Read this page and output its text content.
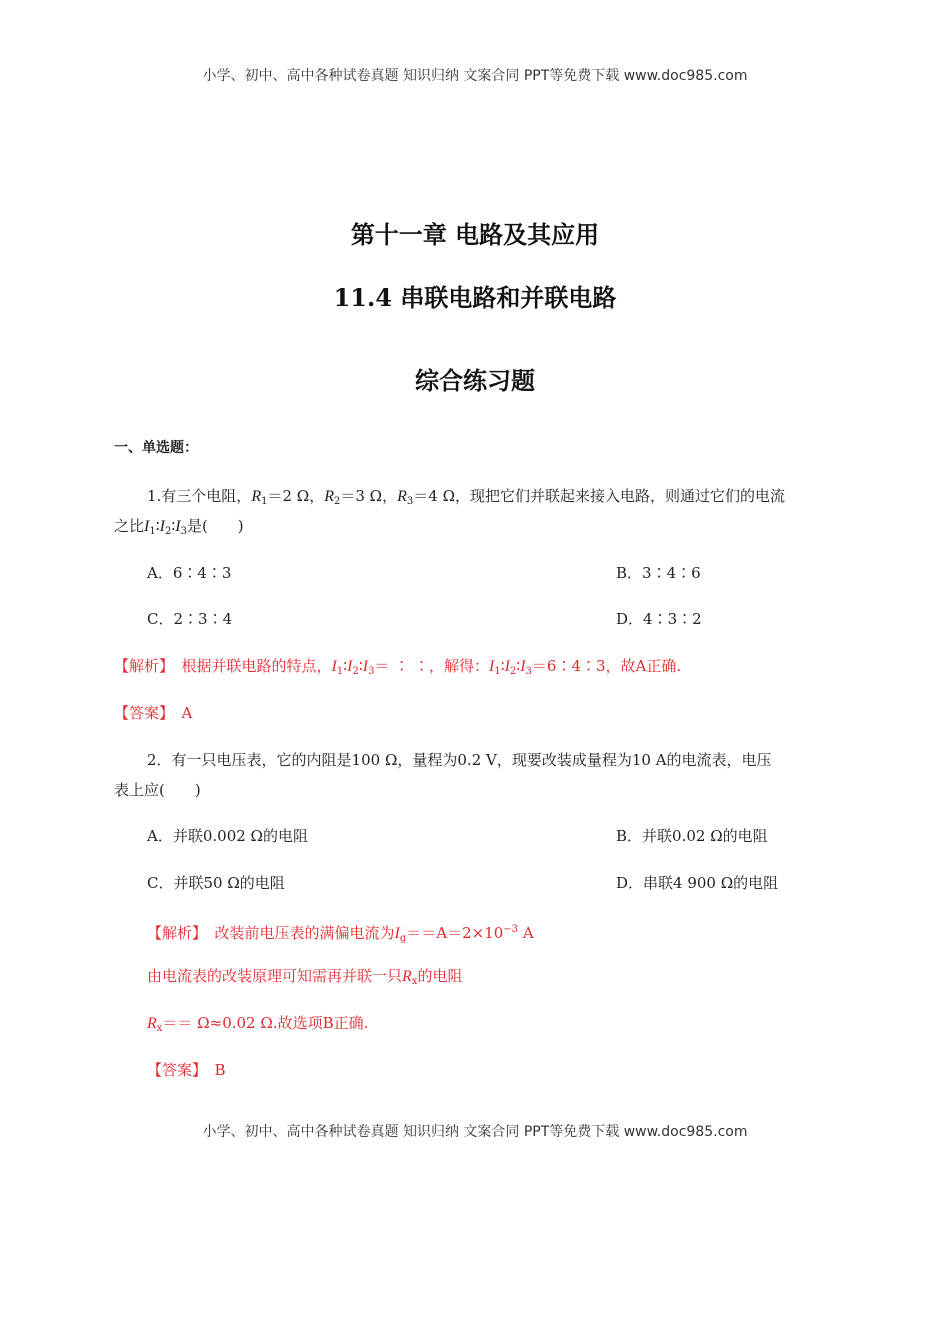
小学、初中、高中各种试卷真题 知识归纳 文案合同 PPT等免费下载 www.doc985.com
第十一章 电路及其应用
11.4 串联电路和并联电路
综合练习题
一、单选题：
1.有三个电阻，$R_1=2$ Ω，$R_2=3$ Ω，$R_3=4$ Ω，现把它们并联起来接入电路，则通过它们的电流
之比$I_1∶I_2∶I_3$是(　　)
A．6∶4∶3	B．3∶4∶6
C．2∶3∶4	D．4∶3∶2
【解析】　根据并联电路的特点，$I_1∶I_2∶I_3=$ ∶ ∶，解得：$I_1∶I_2∶I_3=6∶4∶3$，故A正确.
【答案】　A
2．有一只电压表，它的内阻是100 Ω，量程为0.2 V，现要改装成量程为10 A的电流表，电压
表上应(　　)
A．并联0.002 Ω的电阻	B．并联0.02 Ω的电阻
C．并联50 Ω的电阻	D．串联4 900 Ω的电阻
【解析】　改装前电压表的满偏电流为$I_g==A=2\times 10^{-3}$ A
由电流表的改装原理可知需再并联一只$R_x$的电阻
$R_x== \Omega\approx 0.02$ Ω.故选项B正确.
【答案】　B
小学、初中、高中各种试卷真题 知识归纳 文案合同 PPT等免费下载 www.doc985.com
